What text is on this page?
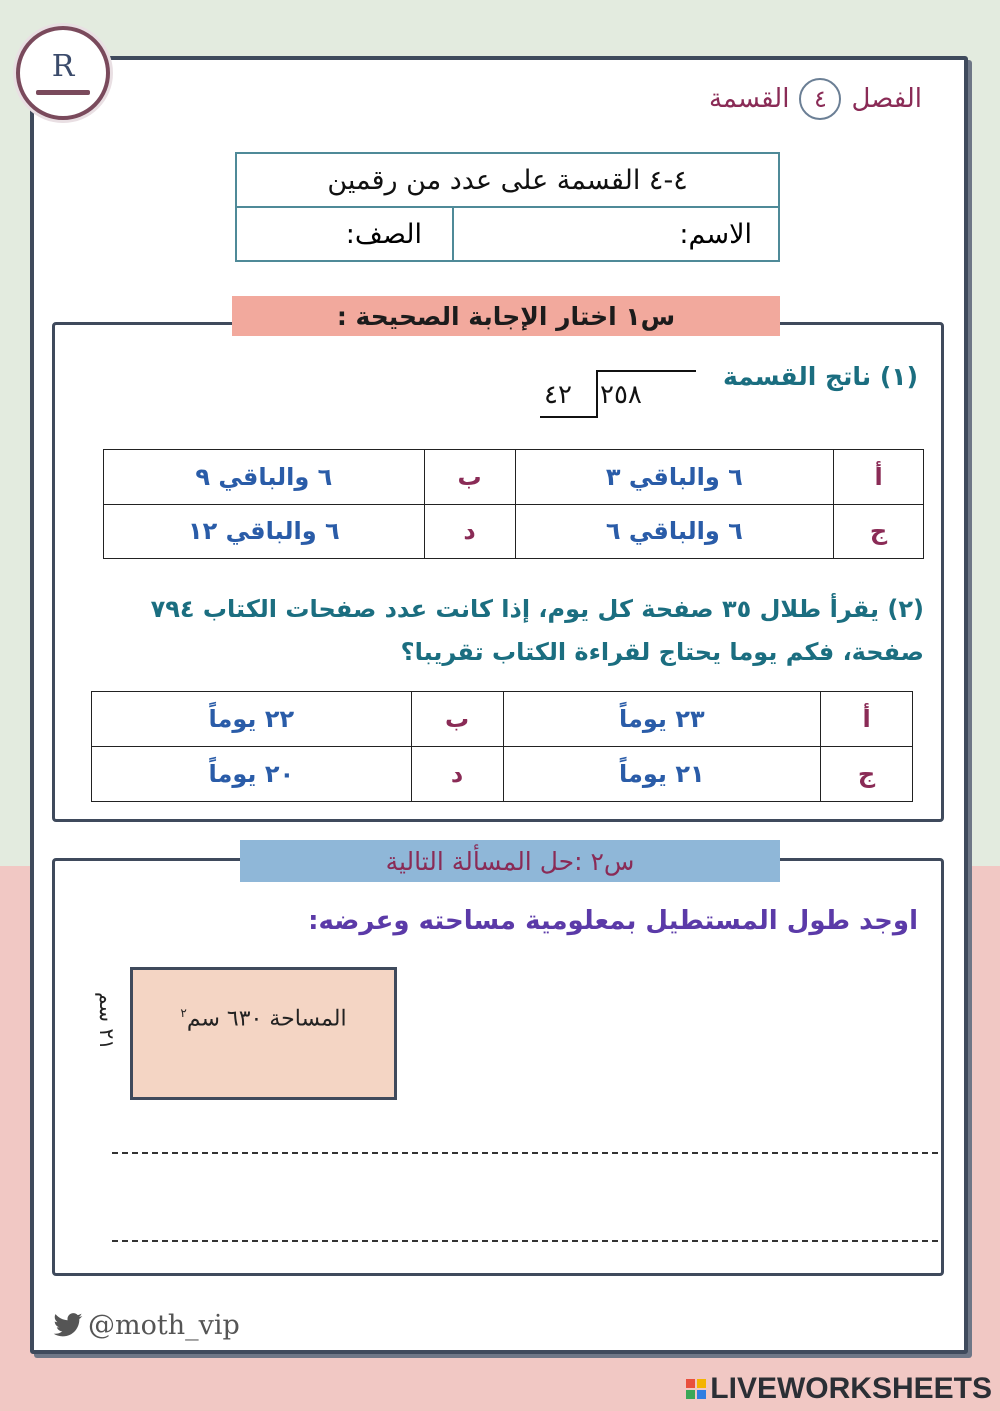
R
الفصل
٤
القسمة
٤-٤ القسمة على عدد من رقمين
الاسم:
الصف:
س١ اختار الإجابة الصحيحة :
(١) ناتج القسمة
٢٥٨
٤٢
أ	٦ والباقي ٣	ب	٦ والباقي ٩
ج	٦ والباقي ٦	د	٦ والباقي ١٢
(٢) يقرأ طلال ٣٥ صفحة كل يوم، إذا كانت عدد صفحات الكتاب ٧٩٤
صفحة، فكم يوما يحتاج لقراءة الكتاب تقريبا؟
أ	٢٣ يوماً	ب	٢٢ يوماً
ج	٢١ يوماً	د	٢٠ يوماً
س٢ :حل المسألة التالية
اوجد طول المستطيل بمعلومية مساحته وعرضه:
المساحة ٦٣٠ سم$^٢$
٢١ سم
@moth_vip
LIVEWORKSHEETS
